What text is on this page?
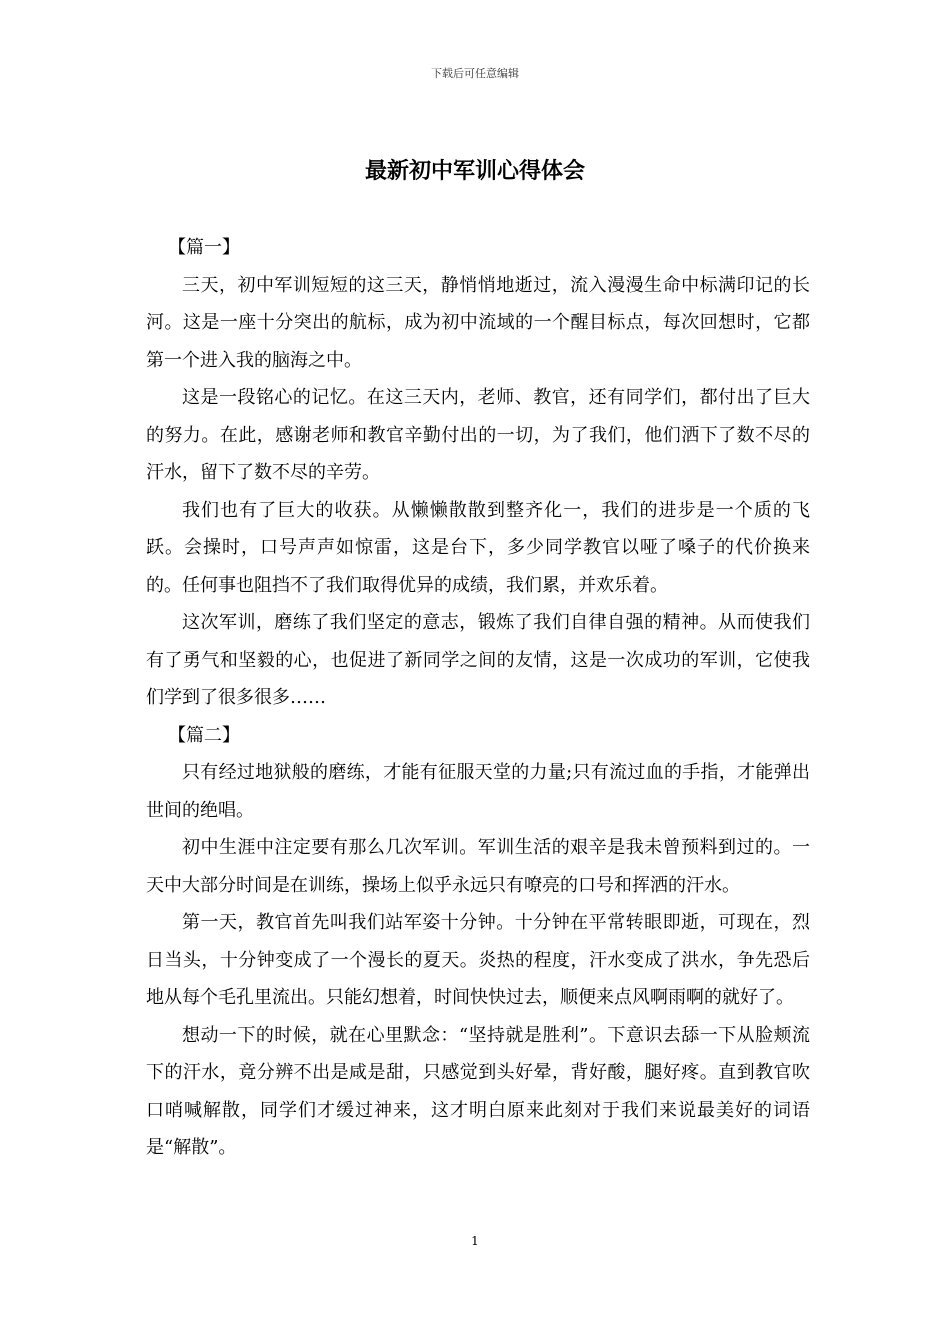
下载后可任意编辑
最新初中军训心得体会

【篇一】

三天，初中军训短短的这三天，静悄悄地逝过，流入漫漫生命中标满印记的长河。这是一座十分突出的航标，成为初中流域的一个醒目标点，每次回想时，它都第一个进入我的脑海之中。

这是一段铭心的记忆。在这三天内，老师、教官，还有同学们，都付出了巨大的努力。在此，感谢老师和教官辛勤付出的一切，为了我们，他们洒下了数不尽的汗水，留下了数不尽的辛劳。

我们也有了巨大的收获。从懒懒散散到整齐化一，我们的进步是一个质的飞跃。会操时，口号声声如惊雷，这是台下，多少同学教官以哑了嗓子的代价换来的。任何事也阻挡不了我们取得优异的成绩，我们累，并欢乐着。

这次军训，磨练了我们坚定的意志，锻炼了我们自律自强的精神。从而使我们有了勇气和坚毅的心，也促进了新同学之间的友情，这是一次成功的军训，它使我们学到了很多很多……

【篇二】

只有经过地狱般的磨练，才能有征服天堂的力量;只有流过血的手指，才能弹出世间的绝唱。

初中生涯中注定要有那么几次军训。军训生活的艰辛是我未曾预料到过的。一天中大部分时间是在训练，操场上似乎永远只有嘹亮的口号和挥洒的汗水。

第一天，教官首先叫我们站军姿十分钟。十分钟在平常转眼即逝，可现在，烈日当头，十分钟变成了一个漫长的夏天。炎热的程度，汗水变成了洪水，争先恐后地从每个毛孔里流出。只能幻想着，时间快快过去，顺便来点风啊雨啊的就好了。

想动一下的时候，就在心里默念：“坚持就是胜利”。下意识去舔一下从脸颊流下的汗水，竟分辨不出是咸是甜，只感觉到头好晕，背好酸，腿好疼。直到教官吹口哨喊解散，同学们才缓过神来，这才明白原来此刻对于我们来说最美好的词语是“解散”。

1
